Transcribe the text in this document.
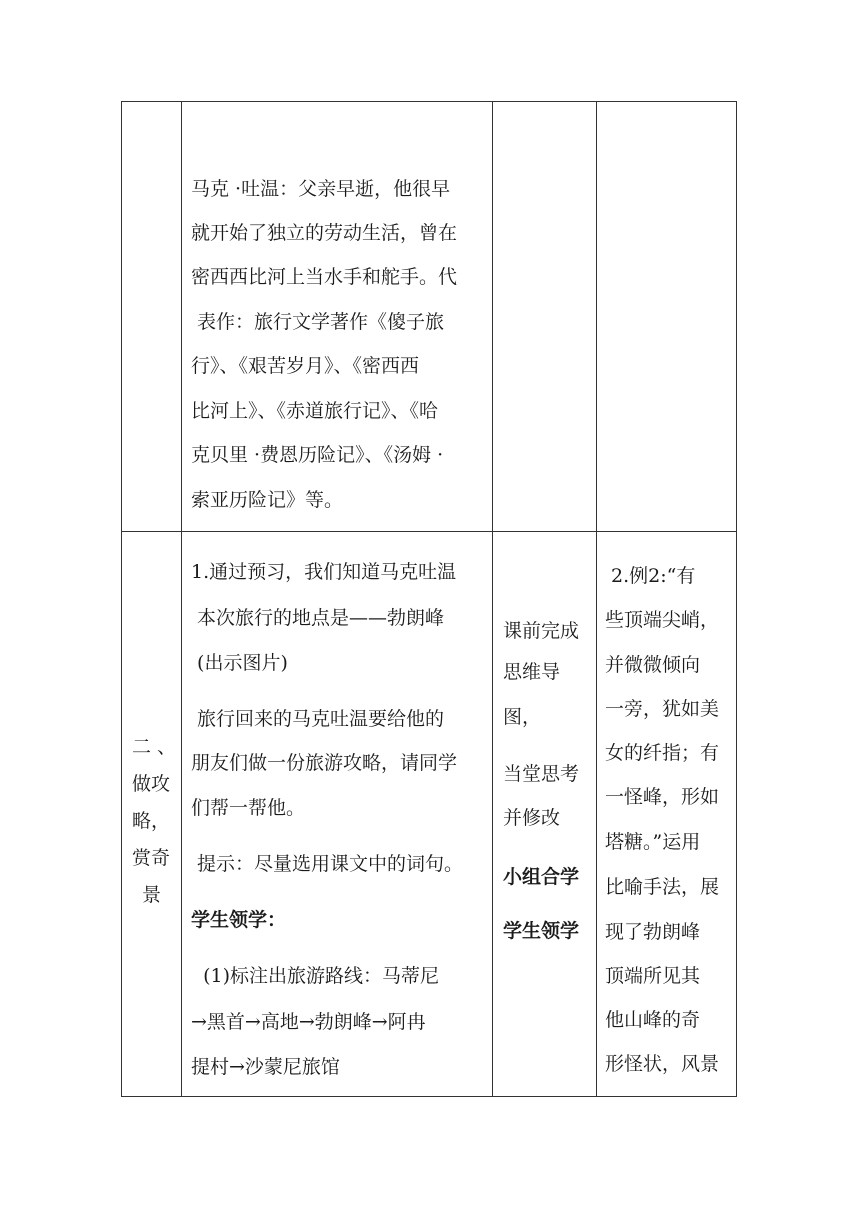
马克 ·吐温：父亲早逝，他很早
就开始了独立的劳动生活，曾在
密西西比河上当水手和舵手。代
表作：旅行文学著作《傻子旅
行》、《艰苦岁月》、《密西西
比河上》、《赤道旅行记》、《哈
克贝里 ·费恩历险记》、《汤姆 ·
索亚历险记》等。
二 、
做攻
略，
赏奇
景
1.通过预习，我们知道马克吐温
本次旅行的地点是——勃朗峰
(出示图片)
旅行回来的马克吐温要给他的
朋友们做一份旅游攻略，请同学
们帮一帮他。
提示：尽量选用课文中的词句。
学生领学：
(1)标注出旅游路线：马蒂尼
→黑首→高地→勃朗峰→阿冉
提村→沙蒙尼旅馆
课前完成
思维导
图，
当堂思考
并修改
小组合学
学生领学
2.例2:“有
些顶端尖峭，
并微微倾向
一旁，犹如美
女的纤指；有
一怪峰，形如
塔糖。”运用
比喻手法，展
现了勃朗峰
顶端所见其
他山峰的奇
形怪状，风景
